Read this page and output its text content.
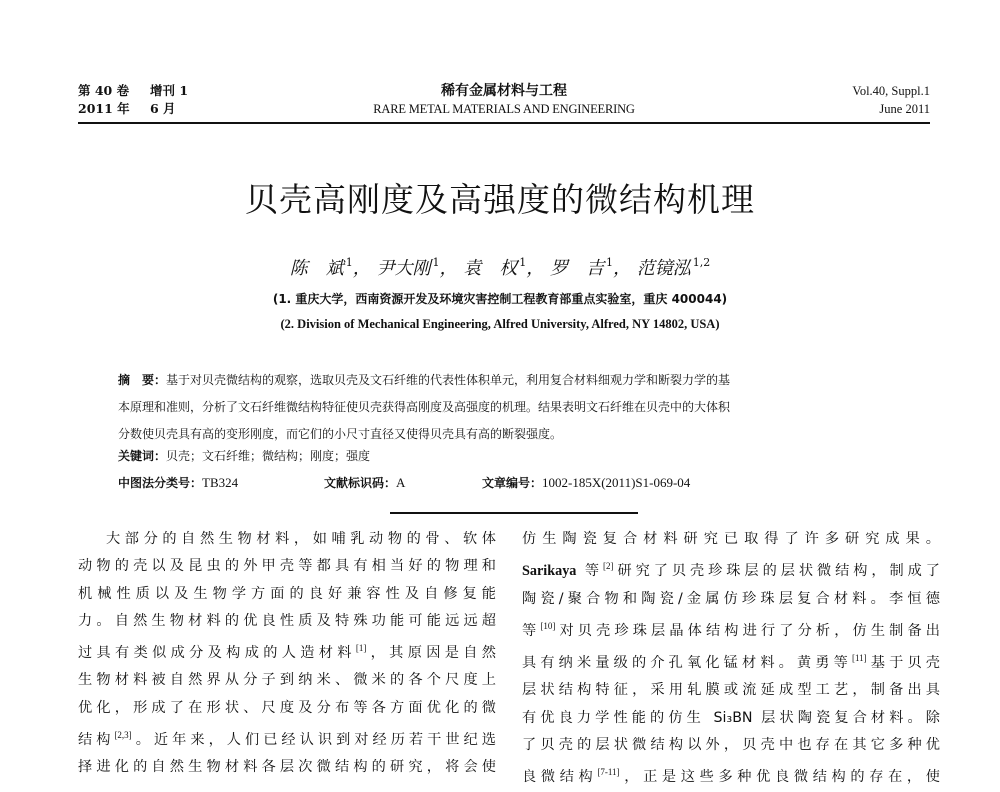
第 40 卷 增刊 1
2011 年 6 月
稀有金属材料与工程
RARE METAL MATERIALS AND ENGINEERING
Vol.40, Suppl.1
June 2011
贝壳高刚度及高强度的微结构机理
陈　斌 $^1$， 尹大刚 $^1$， 袁　权 $^1$， 罗　吉 $^1$， 范镜泓 $^{1,2}$
(1. 重庆大学，西南资源开发及环境灾害控制工程教育部重点实验室，重庆 400044)
(2. Division of Mechanical Engineering, Alfred University, Alfred, NY 14802, USA)
摘　要：基于对贝壳微结构的观察，选取贝壳及文石纤维的代表性体积单元，利用复合材料细观力学和断裂力学的基
本原理和准则，分析了文石纤维微结构特征使贝壳获得高刚度及高强度的机理。结果表明文石纤维在贝壳中的大体积
分数使贝壳具有高的变形刚度，而它们的小尺寸直径又使得贝壳具有高的断裂强度。
关键词：贝壳；文石纤维；微结构；刚度；强度
中图法分类号：TB324	文献标识码：A	文章编号：1002-185X(2011)S1-069-04
大部分的自然生物材料，如哺乳动物的骨、软体
动物的壳以及昆虫的外甲壳等都具有相当好的物理和
机械性质以及生物学方面的良好兼容性及自修复能
力。自然生物材料的优良性质及特殊功能可能远远超
过具有类似成分及构成的人造材料[1]，其原因是自然
生物材料被自然界从分子到纳米、微米的各个尺度上
优化，形成了在形状、尺度及分布等各方面优化的微
结构[2,3]。近年来，人们已经认识到对经历若干世纪选
择进化的自然生物材料各层次微结构的研究，将会使
仿生陶瓷复合材料研究已取得了许多研究成果。
Sarikaya 等[2]研究了贝壳珍珠层的层状微结构，制成了
陶瓷/聚合物和陶瓷/金属仿珍珠层复合材料。李恒德
等[10]对贝壳珍珠层晶体结构进行了分析，仿生制备出
具有纳米量级的介孔氧化锰材料。黄勇等[11]基于贝壳
层状结构特征，采用轧膜或流延成型工艺，制备出具
有优良力学性能的仿生 Si₃BN 层状陶瓷复合材料。除
了贝壳的层状微结构以外，贝壳中也存在其它多种优
良微结构[7-11]，正是这些多种优良微结构的存在，使
